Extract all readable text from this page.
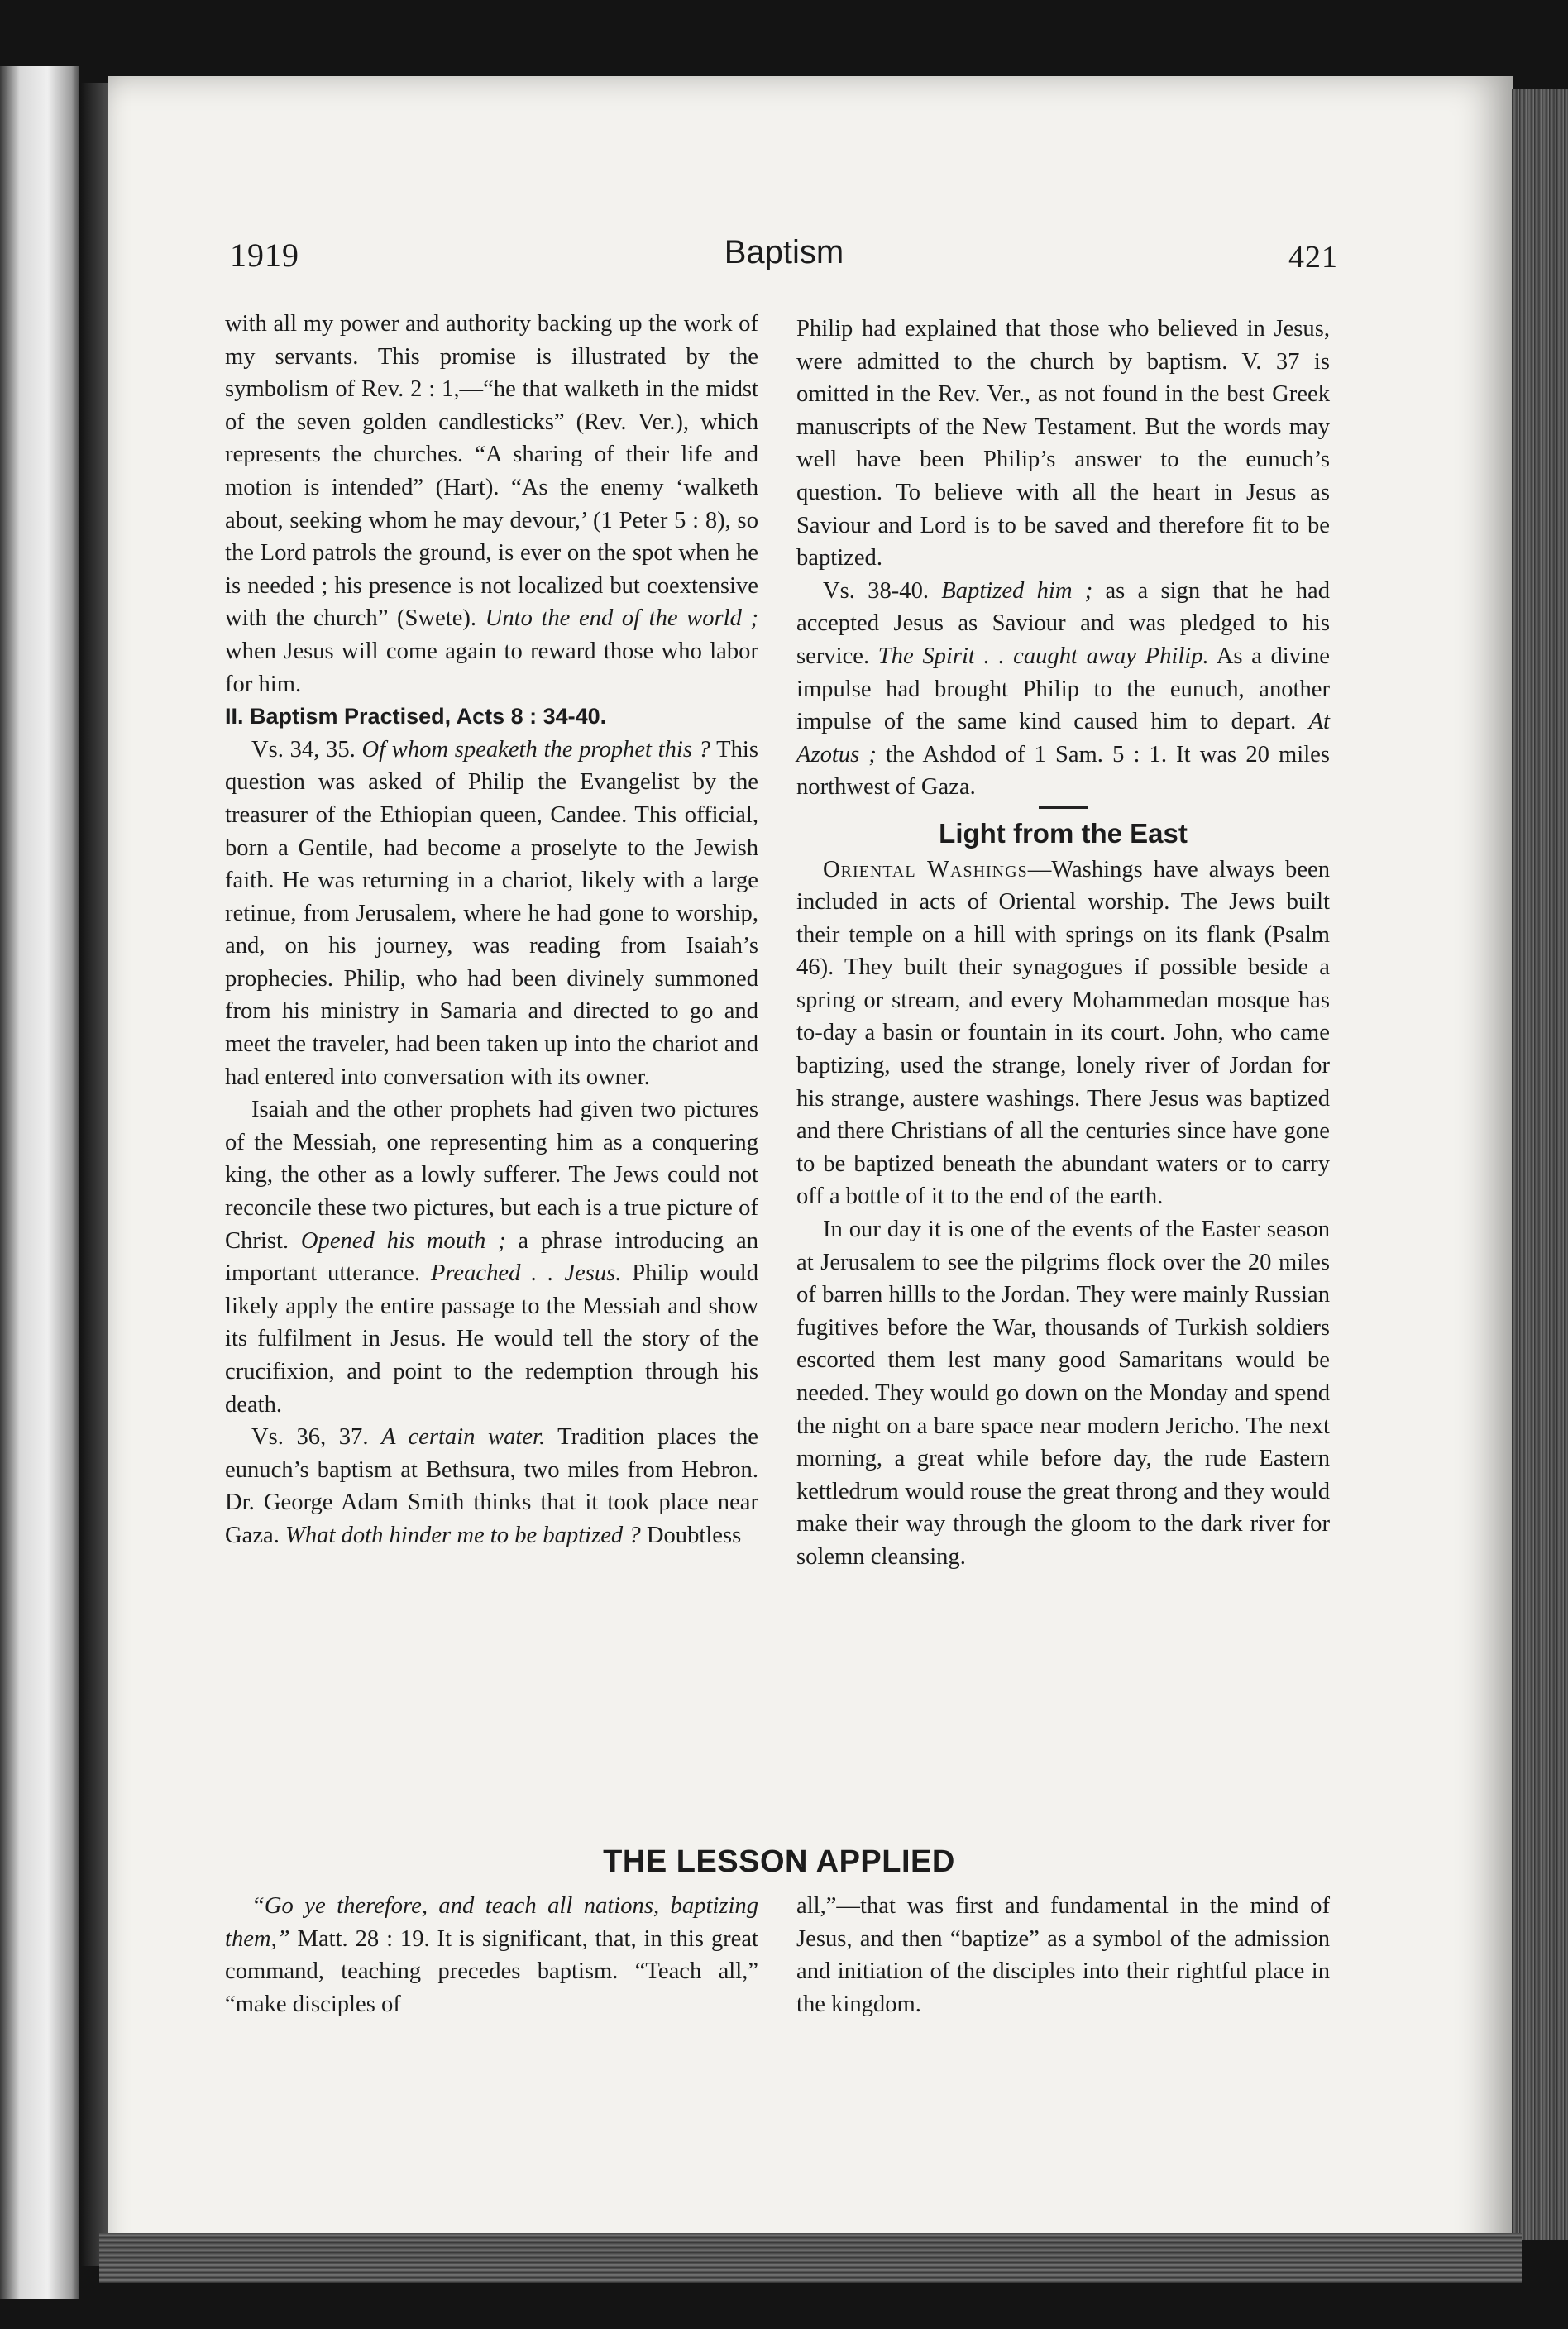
1919	Baptism	421

with all my power and authority backing up the work of my servants. This promise is illustrated by the symbolism of Rev. 2 : 1,—“he that walketh in the midst of the seven golden candlesticks” (Rev. Ver.), which represents the churches. “A sharing of their life and motion is intended” (Hart). “As the enemy ‘walketh about, seeking whom he may devour,’ (1 Peter 5 : 8), so the Lord patrols the ground, is ever on the spot when he is needed ; his presence is not localized but coextensive with the church” (Swete). Unto the end of the world ; when Jesus will come again to reward those who labor for him.

II. Baptism Practised, Acts 8 : 34-40.

Vs. 34, 35. Of whom speaketh the prophet this ? This question was asked of Philip the Evangelist by the treasurer of the Ethiopian queen, Candee. This official, born a Gentile, had become a proselyte to the Jewish faith. He was returning in a chariot, likely with a large retinue, from Jerusalem, where he had gone to worship, and, on his journey, was reading from Isaiah’s prophecies. Philip, who had been divinely summoned from his ministry in Samaria and directed to go and meet the traveler, had been taken up into the chariot and had entered into conversation with its owner.

Isaiah and the other prophets had given two pictures of the Messiah, one representing him as a conquering king, the other as a lowly sufferer. The Jews could not reconcile these two pictures, but each is a true picture of Christ. Opened his mouth ; a phrase introducing an important utterance. Preached . . Jesus. Philip would likely apply the entire passage to the Messiah and show its fulfilment in Jesus. He would tell the story of the crucifixion, and point to the redemption through his death.

Vs. 36, 37. A certain water. Tradition places the eunuch’s baptism at Bethsura, two miles from Hebron. Dr. George Adam Smith thinks that it took place near Gaza. What doth hinder me to be baptized ? Doubtless

Philip had explained that those who believed in Jesus, were admitted to the church by baptism. V. 37 is omitted in the Rev. Ver., as not found in the best Greek manuscripts of the New Testament. But the words may well have been Philip’s answer to the eunuch’s question. To believe with all the heart in Jesus as Saviour and Lord is to be saved and therefore fit to be baptized.

Vs. 38-40. Baptized him ; as a sign that he had accepted Jesus as Saviour and was pledged to his service. The Spirit . . caught away Philip. As a divine impulse had brought Philip to the eunuch, another impulse of the same kind caused him to depart. At Azotus ; the Ashdod of 1 Sam. 5 : 1. It was 20 miles northwest of Gaza.

Light from the East

Oriental Washings—Washings have always been included in acts of Oriental worship. The Jews built their temple on a hill with springs on its flank (Psalm 46). They built their synagogues if possible beside a spring or stream, and every Mohammedan mosque has to-day a basin or fountain in its court. John, who came baptizing, used the strange, lonely river of Jordan for his strange, austere washings. There Jesus was baptized and there Christians of all the centuries since have gone to be baptized beneath the abundant waters or to carry off a bottle of it to the end of the earth.

In our day it is one of the events of the Easter season at Jerusalem to see the pilgrims flock over the 20 miles of barren hillls to the Jordan. They were mainly Russian fugitives before the War, thousands of Turkish soldiers escorted them lest many good Samaritans would be needed. They would go down on the Monday and spend the night on a bare space near modern Jericho. The next morning, a great while before day, the rude Eastern kettledrum would rouse the great throng and they would make their way through the gloom to the dark river for solemn cleansing.

THE LESSON APPLIED

“Go ye therefore, and teach all nations, baptizing them,” Matt. 28 : 19. It is significant, that, in this great command, teaching precedes baptism. “Teach all,” “make disciples of

all,”—that was first and fundamental in the mind of Jesus, and then “baptize” as a symbol of the admission and initiation of the disciples into their rightful place in the kingdom.
